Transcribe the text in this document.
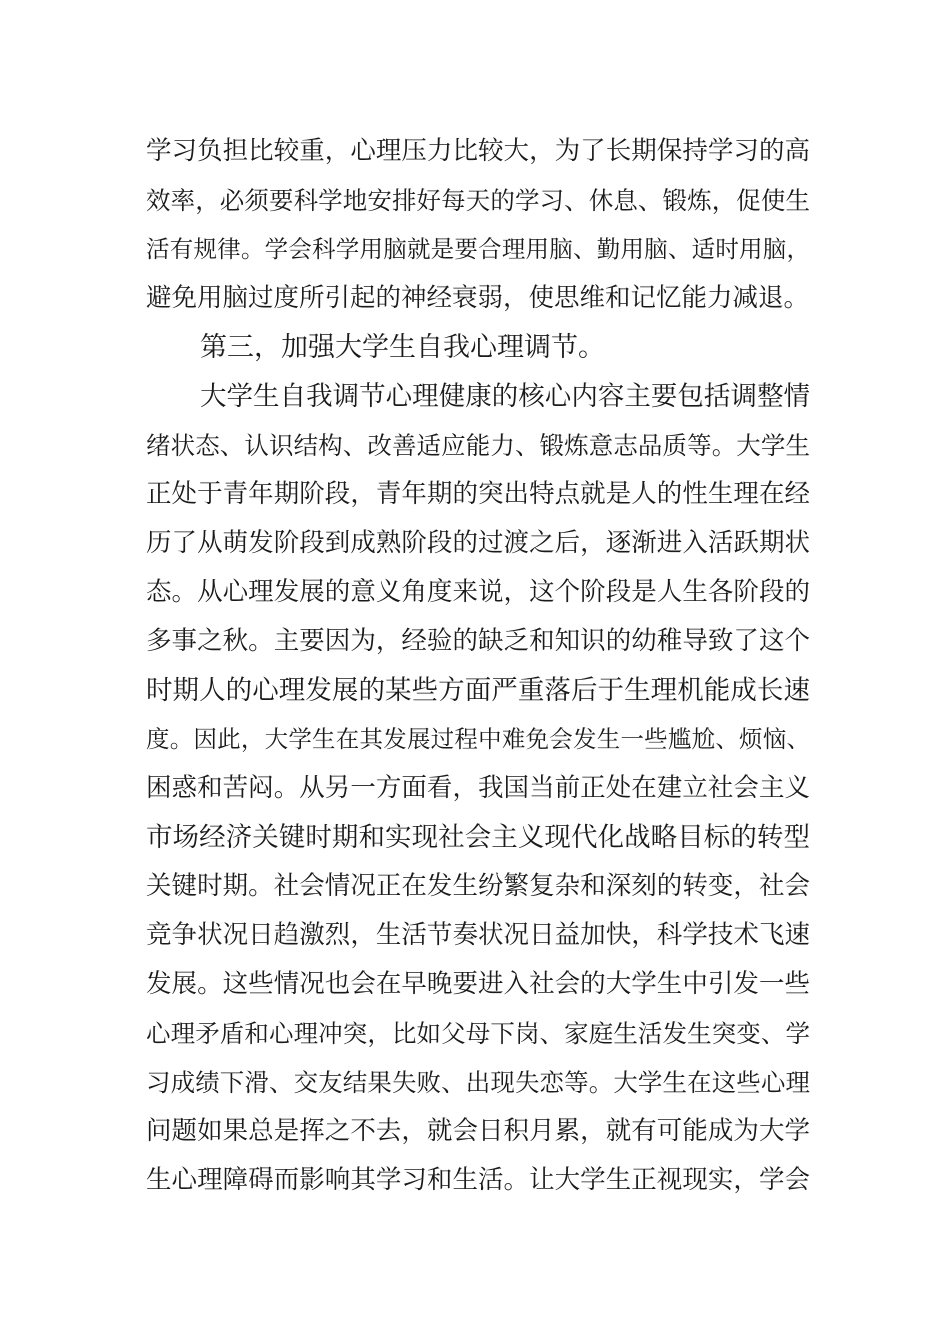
学习负担比较重，心理压力比较大，为了长期保持学习的高
效率，必须要科学地安排好每天的学习、休息、锻炼，促使生
活有规律。学会科学用脑就是要合理用脑、勤用脑、适时用脑，
避免用脑过度所引起的神经衰弱，使思维和记忆能力减退。
第三，加强大学生自我心理调节。
大学生自我调节心理健康的核心内容主要包括调整情
绪状态、认识结构、改善适应能力、锻炼意志品质等。大学生
正处于青年期阶段，青年期的突出特点就是人的性生理在经
历了从萌发阶段到成熟阶段的过渡之后，逐渐进入活跃期状
态。从心理发展的意义角度来说，这个阶段是人生各阶段的
多事之秋。主要因为，经验的缺乏和知识的幼稚导致了这个
时期人的心理发展的某些方面严重落后于生理机能成长速
度。因此，大学生在其发展过程中难免会发生一些尴尬、烦恼、
困惑和苦闷。从另一方面看，我国当前正处在建立社会主义
市场经济关键时期和实现社会主义现代化战略目标的转型
关键时期。社会情况正在发生纷繁复杂和深刻的转变，社会
竞争状况日趋激烈，生活节奏状况日益加快，科学技术飞速
发展。这些情况也会在早晚要进入社会的大学生中引发一些
心理矛盾和心理冲突，比如父母下岗、家庭生活发生突变、学
习成绩下滑、交友结果失败、出现失恋等。大学生在这些心理
问题如果总是挥之不去，就会日积月累，就有可能成为大学
生心理障碍而影响其学习和生活。让大学生正视现实，学会
